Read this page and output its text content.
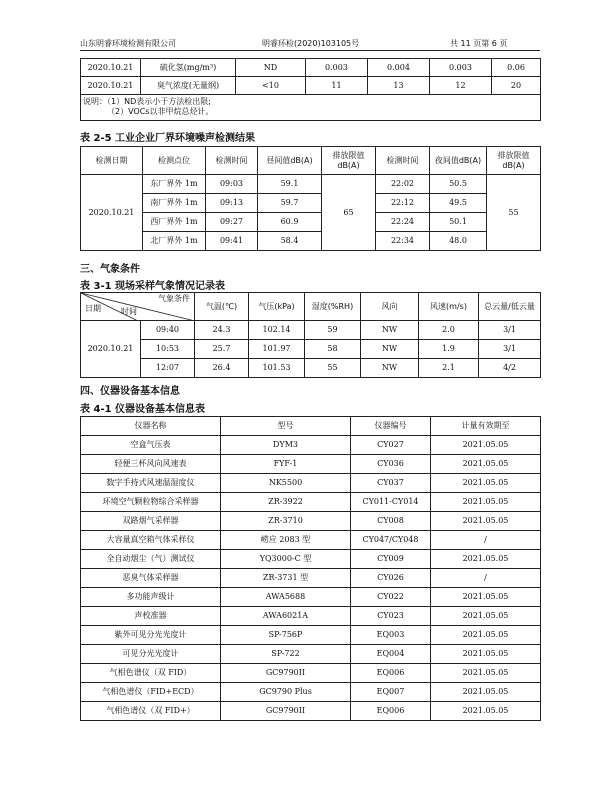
山东明睿环境检测有限公司	明睿环检(2020)103105号	共 11 页第 6 页
2020.10.21	硫化氢(mg/m³)	ND	0.003	0.004	0.003	0.06
2020.10.21	臭气浓度(无量纲)	<10	11	13	12	20

说明：（1）ND表示小于方法检出限;
（2）VOCs以非甲烷总烃计。						
表 2-5 工业企业厂界环境噪声检测结果
检测日期	检测点位	检测时间	昼间值dB(A)	排放限值dB(A)	检测时间	夜间值dB(A)	排放限值dB(A)
2020.10.21	东厂界外 1m	09:03	59.1	65	22:02	50.5	55
	南厂界外 1m	09:13	59.7		22:12	49.5	
	西厂界外 1m	09:27	60.9		22:24	50.1	
	北厂界外 1m	09:41	58.4		22:34	48.0	
三、气象条件
表 3-1 现场采样气象情况记录表
气象条件
日期 时间		气温(℃)	气压(kPa)	湿度(%RH)	风向	风速(m/s)	总云量/低云量
2020.10.21	09:40	24.3	102.14	59	NW	2.0	3/1
	10:53	25.7	101.97	58	NW	1.9	3/1
	12:07	26.4	101.53	55	NW	2.1	4/2
四、仪器设备基本信息
表 4-1 仪器设备基本信息表
仪器名称	型号	仪器编号	计量有效期至
空盒气压表	DYM3	CY027	2021.05.05
轻便三杯风向风速表	FYF-1	CY036	2021.05.05
数字手持式风速温湿度仪	NK5500	CY037	2021.05.05
环境空气颗粒物综合采样器	ZR-3922	CY011-CY014	2021.05.05
双路烟气采样器	ZR-3710	CY008	2021.05.05
大容量真空箱气体采样仪	崂应 2083 型	CY047/CY048	/
全自动烟尘（气）测试仪	YQ3000-C 型	CY009	2021.05.05
恶臭气体采样器	ZR-3731 型	CY026	/
多功能声级计	AWA5688	CY022	2021.05.05
声校准器	AWA6021A	CY023	2021.05.05
紫外可见分光光度计	SP-756P	EQ003	2021.05.05
可见分光光度计	SP-722	EQ004	2021.05.05
气相色谱仪（双 FID）	GC9790II	EQ006	2021.05.05
气相色谱仪（FID+ECD）	GC9790 Plus	EQ007	2021.05.05
气相色谱仪（双 FID+）	GC9790II	EQ006	2021.05.05
